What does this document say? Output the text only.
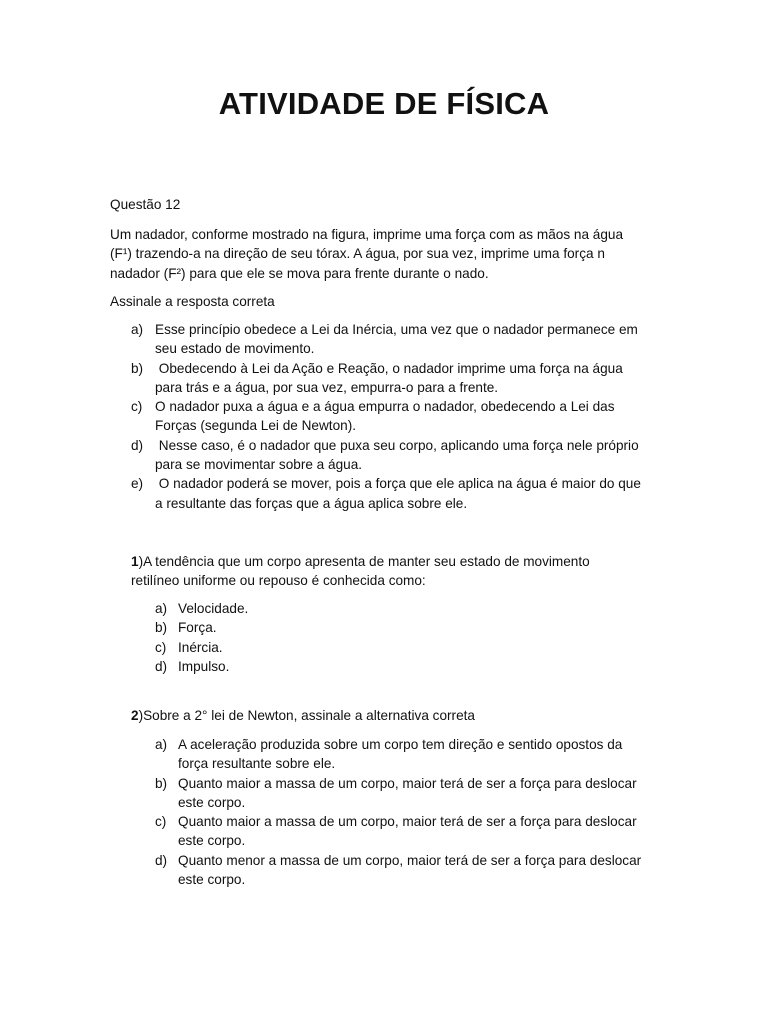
ATIVIDADE DE FÍSICA

Questão 12

Um nadador, conforme mostrado na figura, imprime uma força com as mãos na água
(F¹) trazendo-a na direção de seu tórax. A água, por sua vez, imprime uma força n
nadador (F²) para que ele se mova para frente durante o nado.

Assinale a resposta correta

a) Esse princípio obedece a Lei da Inércia, uma vez que o nadador permanece em
seu estado de movimento.
b) Obedecendo à Lei da Ação e Reação, o nadador imprime uma força na água
para trás e a água, por sua vez, empurra-o para a frente.
c) O nadador puxa a água e a água empurra o nadador, obedecendo a Lei das
Forças (segunda Lei de Newton).
d) Nesse caso, é o nadador que puxa seu corpo, aplicando uma força nele próprio
para se movimentar sobre a água.
e) O nadador poderá se mover, pois a força que ele aplica na água é maior do que
a resultante das forças que a água aplica sobre ele.

1)A tendência que um corpo apresenta de manter seu estado de movimento
retilíneo uniforme ou repouso é conhecida como:

a) Velocidade.
b) Força.
c) Inércia.
d) Impulso.

2)Sobre a 2° lei de Newton, assinale a alternativa correta

a) A aceleração produzida sobre um corpo tem direção e sentido opostos da
força resultante sobre ele.
b) Quanto maior a massa de um corpo, maior terá de ser a força para deslocar
este corpo.
c) Quanto maior a massa de um corpo, maior terá de ser a força para deslocar
este corpo.
d) Quanto menor a massa de um corpo, maior terá de ser a força para deslocar
este corpo.
